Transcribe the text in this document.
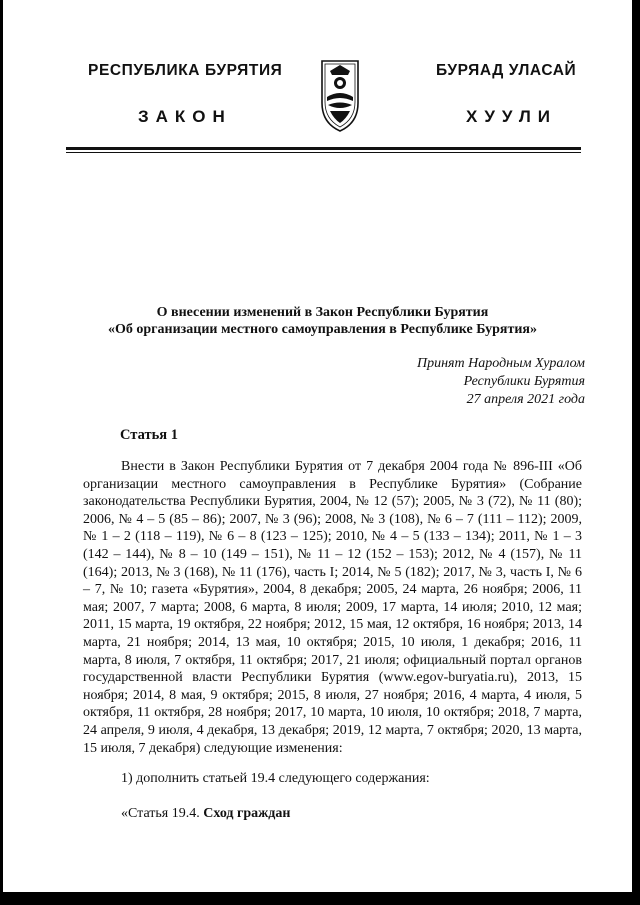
РЕСПУБЛИКА БУРЯТИЯ
ЗАКОН
БУРЯАД УЛАСАЙ
ХУУЛИ
О внесении изменений в Закон Республики Бурятия
«Об организации местного самоуправления в Республике Бурятия»
Принят Народным Хуралом
Республики Бурятия
27 апреля 2021 года
Статья 1

Внести в Закон Республики Бурятия от 7 декабря 2004 года № 896-III «Об организации местного самоуправления в Республике Бурятия» (Собрание законодательства Республики Бурятия, 2004, № 12 (57); 2005, № 3 (72), № 11 (80); 2006, № 4 – 5 (85 – 86); 2007, № 3 (96); 2008, № 3 (108), № 6 – 7 (111 – 112); 2009, № 1 – 2 (118 – 119), № 6 – 8 (123 – 125); 2010, № 4 – 5 (133 – 134); 2011, № 1 – 3 (142 – 144), № 8 – 10 (149 – 151), № 11 – 12 (152 – 153); 2012, № 4 (157), № 11 (164); 2013, № 3 (168), № 11 (176), часть I; 2014, № 5 (182); 2017, № 3, часть I, № 6 – 7, № 10; газета «Бурятия», 2004, 8 декабря; 2005, 24 марта, 26 ноября; 2006, 11 мая; 2007, 7 марта; 2008, 6 марта, 8 июля; 2009, 17 марта, 14 июля; 2010, 12 мая; 2011, 15 марта, 19 октября, 22 ноября; 2012, 15 мая, 12 октября, 16 ноября; 2013, 14 марта, 21 ноября; 2014, 13 мая, 10 октября; 2015, 10 июля, 1 декабря; 2016, 11 марта, 8 июля, 7 октября, 11 октября; 2017, 21 июля; официальный портал органов государственной власти Республики Бурятия (www.egov-buryatia.ru), 2013, 15 ноября; 2014, 8 мая, 9 октября; 2015, 8 июля, 27 ноября; 2016, 4 марта, 4 июля, 5 октября, 11 октября, 28 ноября; 2017, 10 марта, 10 июля, 10 октября; 2018, 7 марта, 24 апреля, 9 июля, 4 декабря, 13 декабря; 2019, 12 марта, 7 октября; 2020, 13 марта, 15 июля, 7 декабря) следующие изменения:

1) дополнить статьей 19.4 следующего содержания:
«Статья 19.4. Сход граждан
